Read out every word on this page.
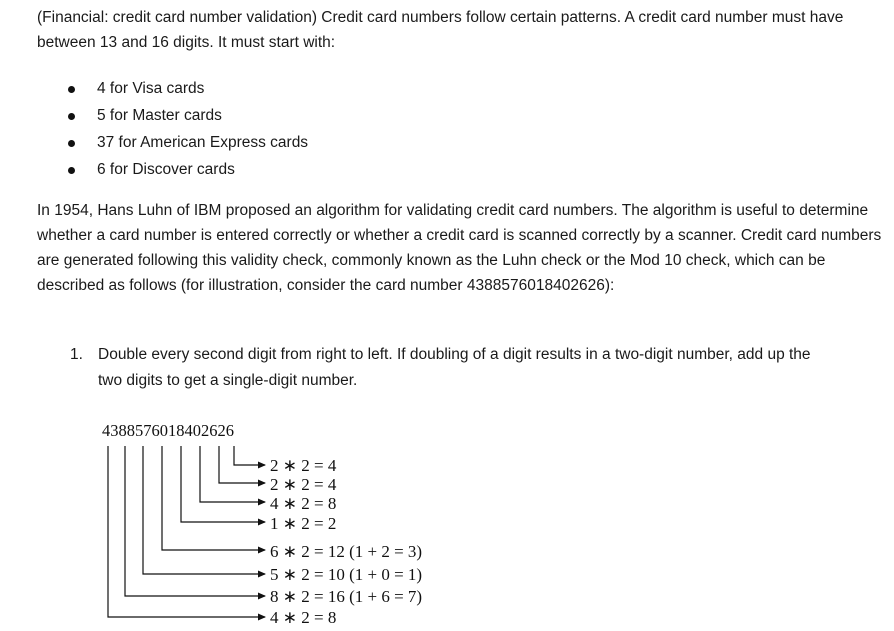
(Financial: credit card number validation) Credit card numbers follow certain patterns. A credit card number must have between 13 and 16 digits. It must start with:

4 for Visa cards
5 for Master cards
37 for American Express cards
6 for Discover cards

In 1954, Hans Luhn of IBM proposed an algorithm for validating credit card numbers. The algorithm is useful to determine whether a card number is entered correctly or whether a credit card is scanned correctly by a scanner. Credit card numbers are generated following this validity check, commonly known as the Luhn check or the Mod 10 check, which can be described as follows (for illustration, consider the card number 4388576018402626):

1. Double every second digit from right to left. If doubling of a digit results in a two-digit number, add up the two digits to get a single-digit number.
4388576018402626
2 ∗ 2 = 4
2 ∗ 2 = 4
4 ∗ 2 = 8
1 ∗ 2 = 2
6 ∗ 2 = 12 (1 + 2 = 3)
5 ∗ 2 = 10 (1 + 0 = 1)
8 ∗ 2 = 16 (1 + 6 = 7)
4 ∗ 2 = 8
